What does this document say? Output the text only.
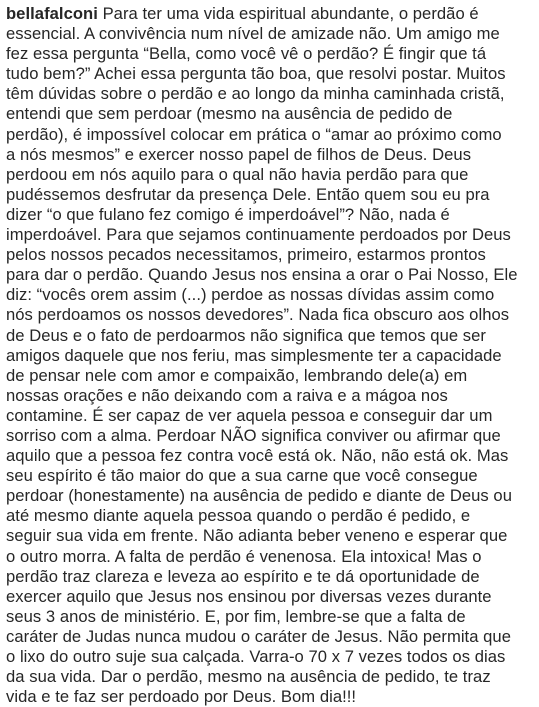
bellafalconi Para ter uma vida espiritual abundante, o perdão é
essencial. A convivência num nível de amizade não. Um amigo me
fez essa pergunta “Bella, como você vê o perdão? É fingir que tá
tudo bem?” Achei essa pergunta tão boa, que resolvi postar. Muitos
têm dúvidas sobre o perdão e ao longo da minha caminhada cristã,
entendi que sem perdoar (mesmo na ausência de pedido de
perdão), é impossível colocar em prática o “amar ao próximo como
a nós mesmos” e exercer nosso papel de filhos de Deus. Deus
perdoou em nós aquilo para o qual não havia perdão para que
pudéssemos desfrutar da presença Dele. Então quem sou eu pra
dizer “o que fulano fez comigo é imperdoável”? Não, nada é
imperdoável. Para que sejamos continuamente perdoados por Deus
pelos nossos pecados necessitamos, primeiro, estarmos prontos
para dar o perdão. Quando Jesus nos ensina a orar o Pai Nosso, Ele
diz: “vocês orem assim (...) perdoe as nossas dívidas assim como
nós perdoamos os nossos devedores”. Nada fica obscuro aos olhos
de Deus e o fato de perdoarmos não significa que temos que ser
amigos daquele que nos feriu, mas simplesmente ter a capacidade
de pensar nele com amor e compaixão, lembrando dele(a) em
nossas orações e não deixando com a raiva e a mágoa nos
contamine. É ser capaz de ver aquela pessoa e conseguir dar um
sorriso com a alma. Perdoar NÃO significa conviver ou afirmar que
aquilo que a pessoa fez contra você está ok. Não, não está ok. Mas
seu espírito é tão maior do que a sua carne que você consegue
perdoar (honestamente) na ausência de pedido e diante de Deus ou
até mesmo diante aquela pessoa quando o perdão é pedido, e
seguir sua vida em frente. Não adianta beber veneno e esperar que
o outro morra. A falta de perdão é venenosa. Ela intoxica! Mas o
perdão traz clareza e leveza ao espírito e te dá oportunidade de
exercer aquilo que Jesus nos ensinou por diversas vezes durante
seus 3 anos de ministério. E, por fim, lembre-se que a falta de
caráter de Judas nunca mudou o caráter de Jesus. Não permita que
o lixo do outro suje sua calçada. Varra-o 70 x 7 vezes todos os dias
da sua vida. Dar o perdão, mesmo na ausência de pedido, te traz
vida e te faz ser perdoado por Deus. Bom dia!!!
